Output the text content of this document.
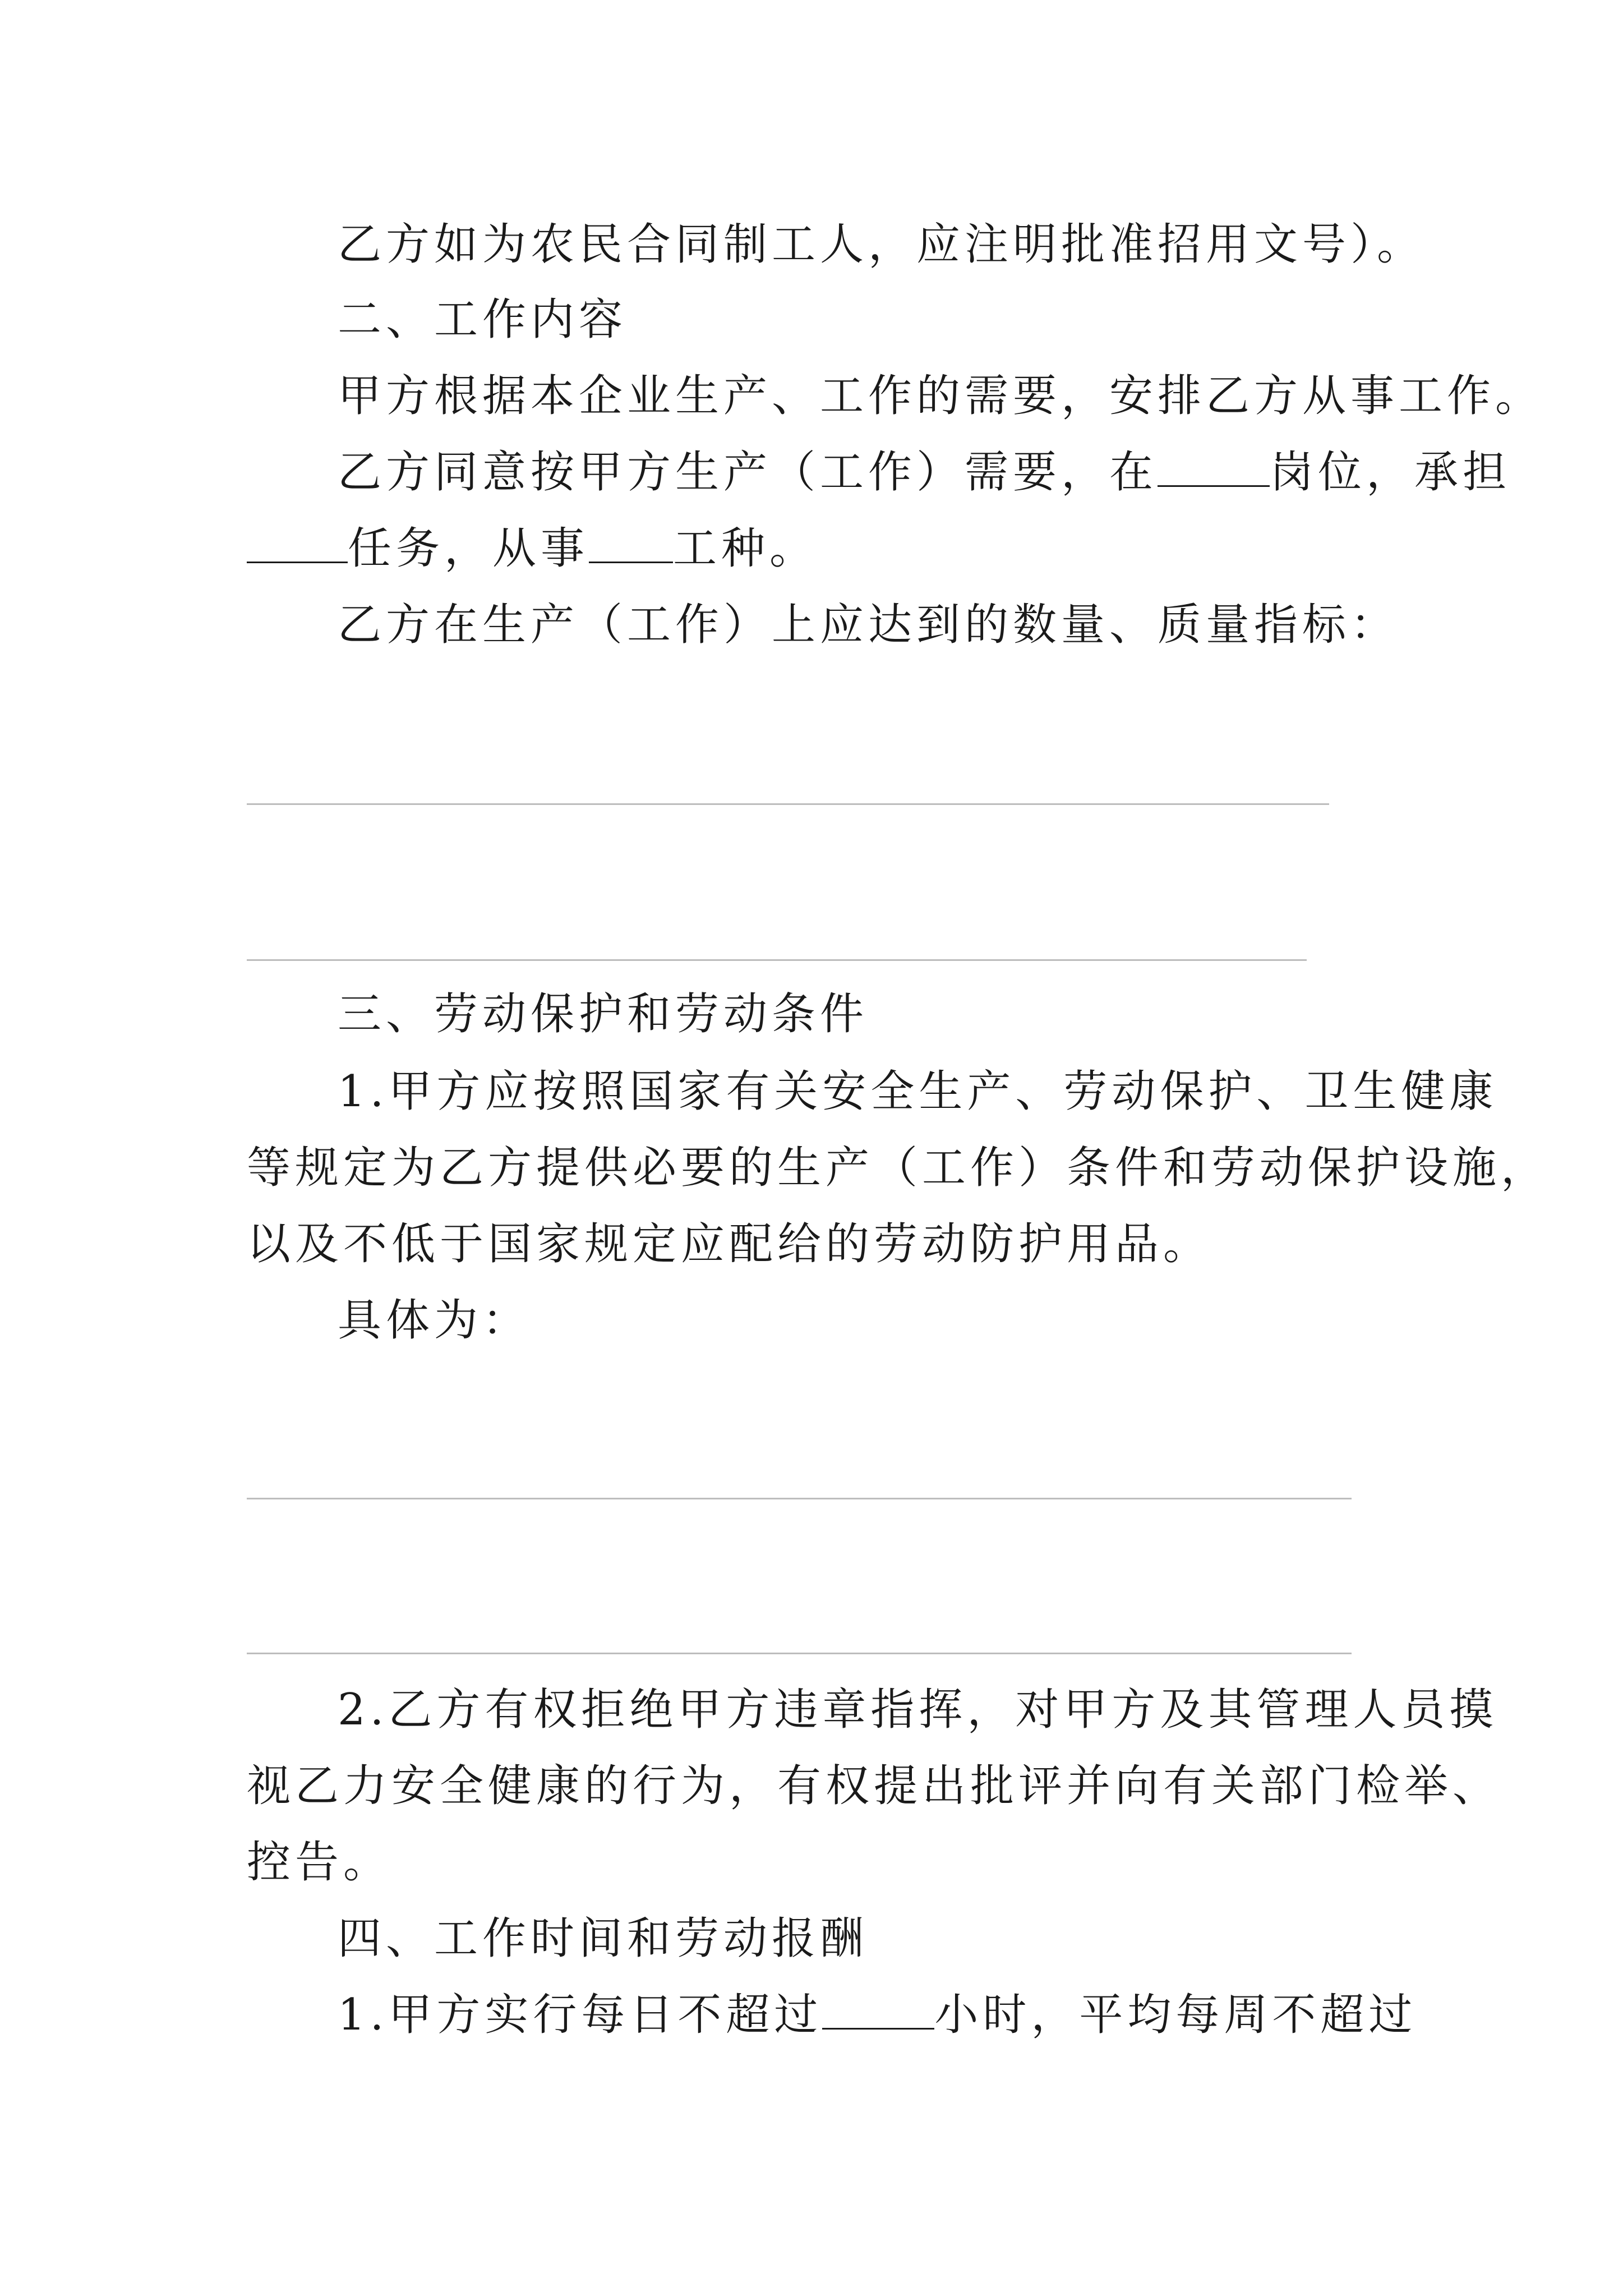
乙方如为农民合同制工人，应注明批准招用文号）。
二、工作内容
甲方根据本企业生产、工作的需要，安排乙方从事工作。
乙方同意按甲方生产（工作）需要，在	岗位，承担
任务，从事 工种。
乙方在生产（工作）上应达到的数量、质量指标：
三、劳动保护和劳动条件
1.甲方应按照国家有关安全生产、劳动保护、卫生健康
等规定为乙方提供必要的生产（工作）条件和劳动保护设施，
以及不低于国家规定应配给的劳动防护用品。
具体为：
2.乙方有权拒绝甲方违章指挥，对甲方及其管理人员摸
视乙力安全健康的行为，有权提出批评并向有关部门检举、
控告。
四、工作时间和劳动报酬
1.甲方实行每日不超过	小时，平均每周不超过
